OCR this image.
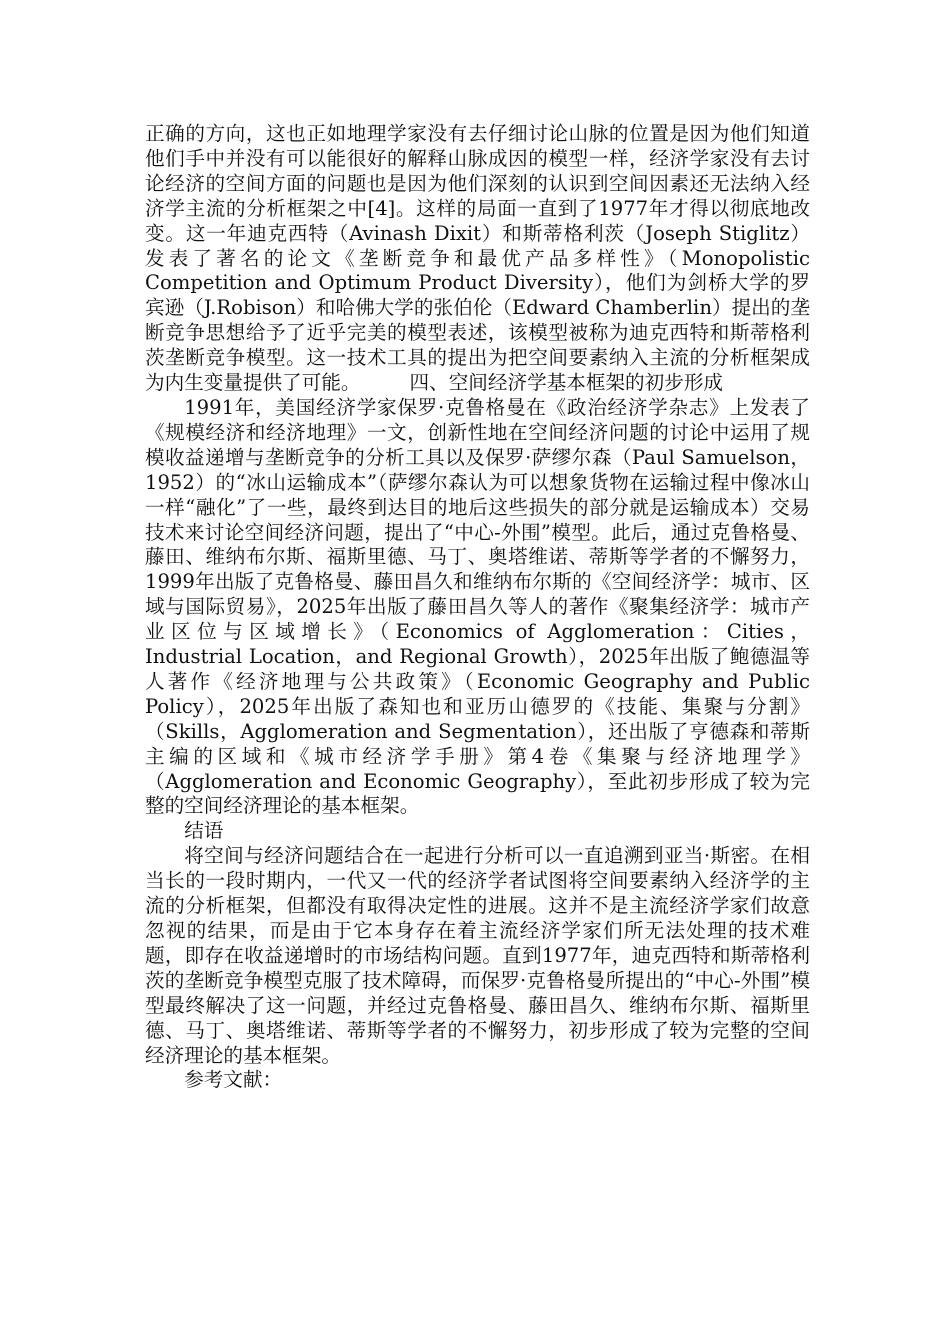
正确的方向，这也正如地理学家没有去仔细讨论山脉的位置是因为他们知道他们手中并没有可以能很好的解释山脉成因的模型一样，经济学家没有去讨论经济的空间方面的问题也是因为他们深刻的认识到空间因素还无法纳入经济学主流的分析框架之中[4]。这样的局面一直到了1977年才得以彻底地改变。这一年迪克西特（Avinash Dixit）和斯蒂格利茨（Joseph Stiglitz）发表了著名的论文《垄断竞争和最优产品多样性》（Monopolistic Competition and Optimum Product Diversity），他们为剑桥大学的罗宾逊（J.Robison）和哈佛大学的张伯伦（Edward Chamberlin）提出的垄断竞争思想给予了近乎完美的模型表述，该模型被称为迪克西特和斯蒂格利茨垄断竞争模型。这一技术工具的提出为把空间要素纳入主流的分析框架成为内生变量提供了可能。　　　四、空间经济学基本框架的初步形成

1991年，美国经济学家保罗·克鲁格曼在《政治经济学杂志》上发表了《规模经济和经济地理》一文，创新性地在空间经济问题的讨论中运用了规模收益递增与垄断竞争的分析工具以及保罗·萨缪尔森（Paul Samuelson，1952）的“冰山运输成本”（萨缪尔森认为可以想象货物在运输过程中像冰山一样“融化”了一些，最终到达目的地后这些损失的部分就是运输成本）交易技术来讨论空间经济问题，提出了“中心-外围”模型。此后，通过克鲁格曼、藤田、维纳布尔斯、福斯里德、马丁、奥塔维诺、蒂斯等学者的不懈努力，1999年出版了克鲁格曼、藤田昌久和维纳布尔斯的《空间经济学：城市、区域与国际贸易》，2025年出版了藤田昌久等人的著作《聚集经济学：城市产业区位与区域增长》（Economics of Agglomeration：Cities，Industrial Location，and Regional Growth），2025年出版了鲍德温等人著作《经济地理与公共政策》（Economic Geography and Public Policy），2025年出版了森知也和亚历山德罗的《技能、集聚与分割》（Skills，Agglomeration and Segmentation），还出版了亨德森和蒂斯主编的区域和《城市经济学手册》第4卷《集聚与经济地理学》（Agglomeration and Economic Geography），至此初步形成了较为完整的空间经济理论的基本框架。

结语

将空间与经济问题结合在一起进行分析可以一直追溯到亚当·斯密。在相当长的一段时期内，一代又一代的经济学者试图将空间要素纳入经济学的主流的分析框架，但都没有取得决定性的进展。这并不是主流经济学家们故意忽视的结果，而是由于它本身存在着主流经济学家们所无法处理的技术难题，即存在收益递增时的市场结构问题。直到1977年，迪克西特和斯蒂格利茨的垄断竞争模型克服了技术障碍，而保罗·克鲁格曼所提出的“中心-外围”模型最终解决了这一问题，并经过克鲁格曼、藤田昌久、维纳布尔斯、福斯里德、马丁、奥塔维诺、蒂斯等学者的不懈努力，初步形成了较为完整的空间经济理论的基本框架。

参考文献：
